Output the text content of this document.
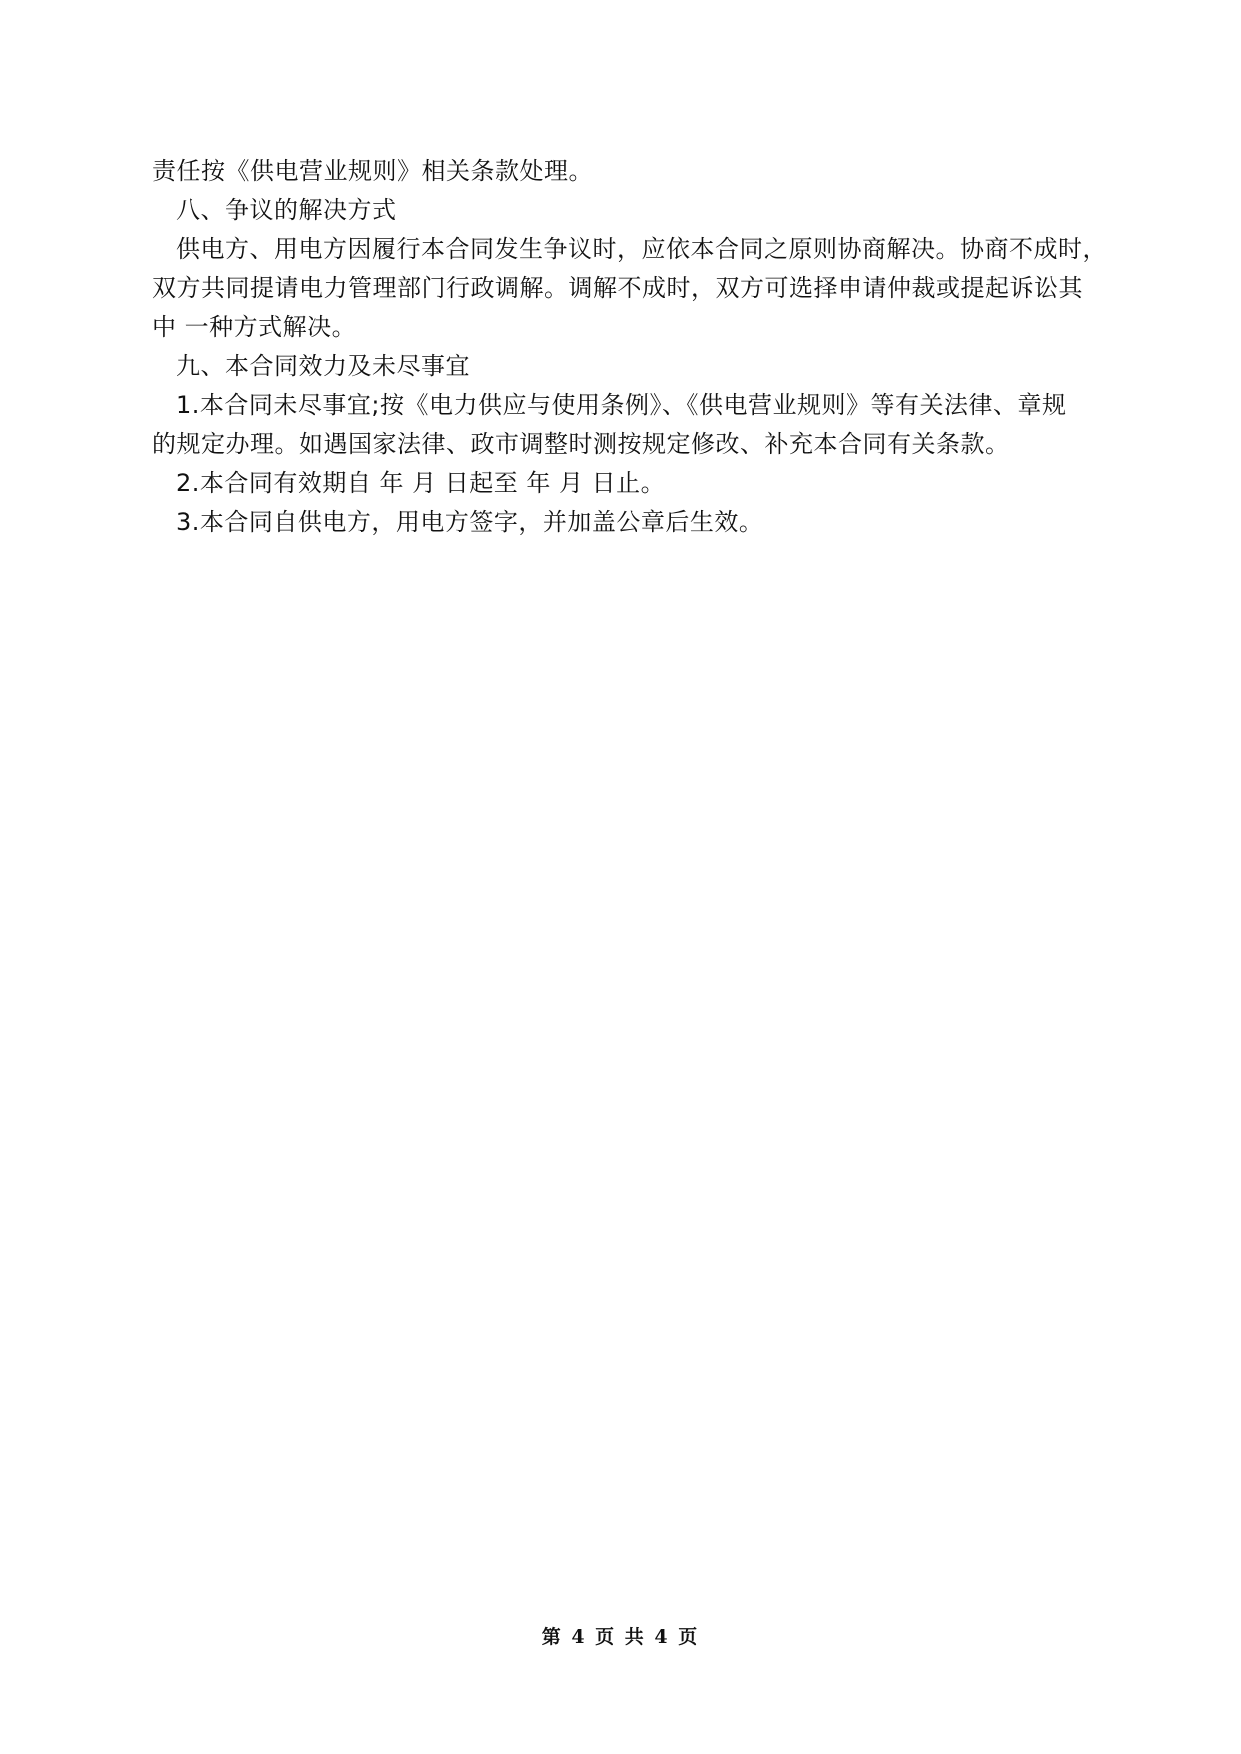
责任按《供电营业规则》相关条款处理。
八、争议的解决方式
供电方、用电方因履行本合同发生争议时，应依本合同之原则协商解决。协商不成时，
双方共同提请电力管理部门行政调解。调解不成时，双方可选择申请仲裁或提起诉讼其
中 一种方式解决。
九、本合同效力及未尽事宜
1.本合同未尽事宜;按《电力供应与使用条例》、《供电营业规则》等有关法律、章规
的规定办理。如遇国家法律、政市调整时测按规定修改、补充本合同有关条款。
2.本合同有效期自 年 月 日起至 年 月 日止。
3.本合同自供电方，用电方签字，并加盖公章后生效。
第 4 页 共 4 页
